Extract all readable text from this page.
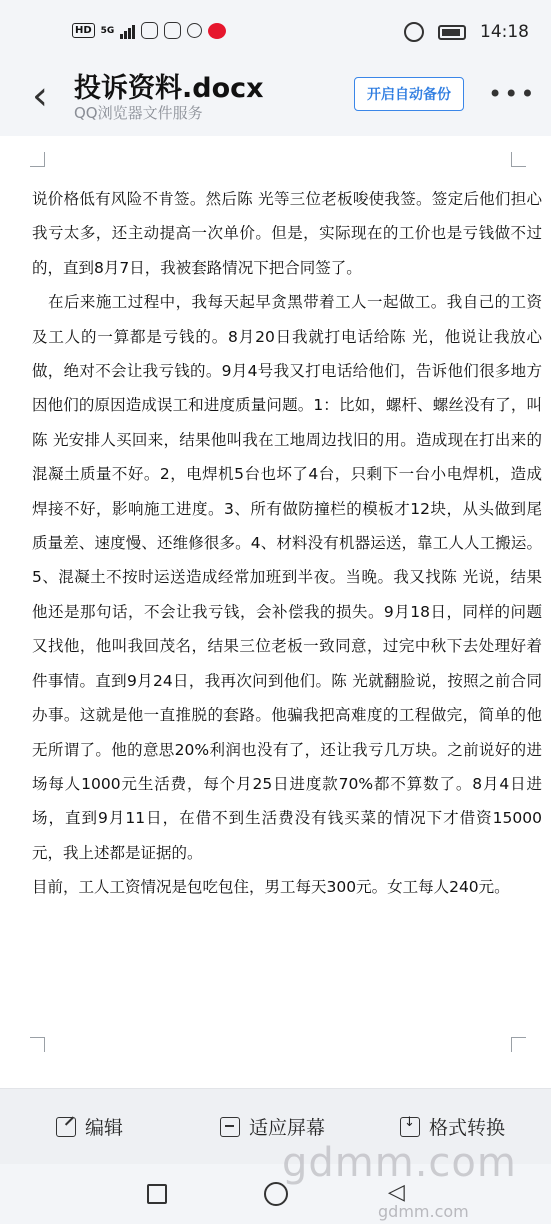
HD	5G	14:18
‹ 投诉资料.docx
QQ浏览器文件服务
开启自动备份	•••

说价格低有风险不肯签。然后陈 光等三位老板唆使我签。签定后他们担心我亏太多，还主动提高一次单价。但是，实际现在的工价也是亏钱做不过的，直到8月7日，我被套路情况下把合同签了。

在后来施工过程中，我每天起早贪黑带着工人一起做工。我自己的工资及工人的一算都是亏钱的。8月20日我就打电话给陈 光，他说让我放心做，绝对不会让我亏钱的。9月4号我又打电话给他们，告诉他们很多地方因他们的原因造成误工和进度质量问题。1：比如，螺杆、螺丝没有了，叫陈 光安排人买回来，结果他叫我在工地周边找旧的用。造成现在打出来的混凝土质量不好。2，电焊机5台也坏了4台，只剩下一台小电焊机，造成焊接不好，影响施工进度。3、所有做防撞栏的模板才12块，从头做到尾质量差、速度慢、还维修很多。4、材料没有机器运送，靠工人人工搬运。5、混凝土不按时运送造成经常加班到半夜。当晚。我又找陈 光说，结果他还是那句话，不会让我亏钱，会补偿我的损失。9月18日，同样的问题又找他，他叫我回茂名，结果三位老板一致同意，过完中秋下去处理好着件事情。直到9月24日，我再次问到他们。陈 光就翻脸说，按照之前合同办事。这就是他一直推脱的套路。他骗我把高难度的工程做完，简单的他无所谓了。他的意思20%利润也没有了，还让我亏几万块。之前说好的进场每人1000元生活费，每个月25日进度款70%都不算数了。8月4日进场，直到9月11日，在借不到生活费没有钱买菜的情况下才借资15000元，我上述都是证据的。

目前，工人工资情况是包吃包住，男工每天300元。女工每人240元。

编辑	适应屏幕
↓	格式转换
◁
gdmm.com
gdmm.com
